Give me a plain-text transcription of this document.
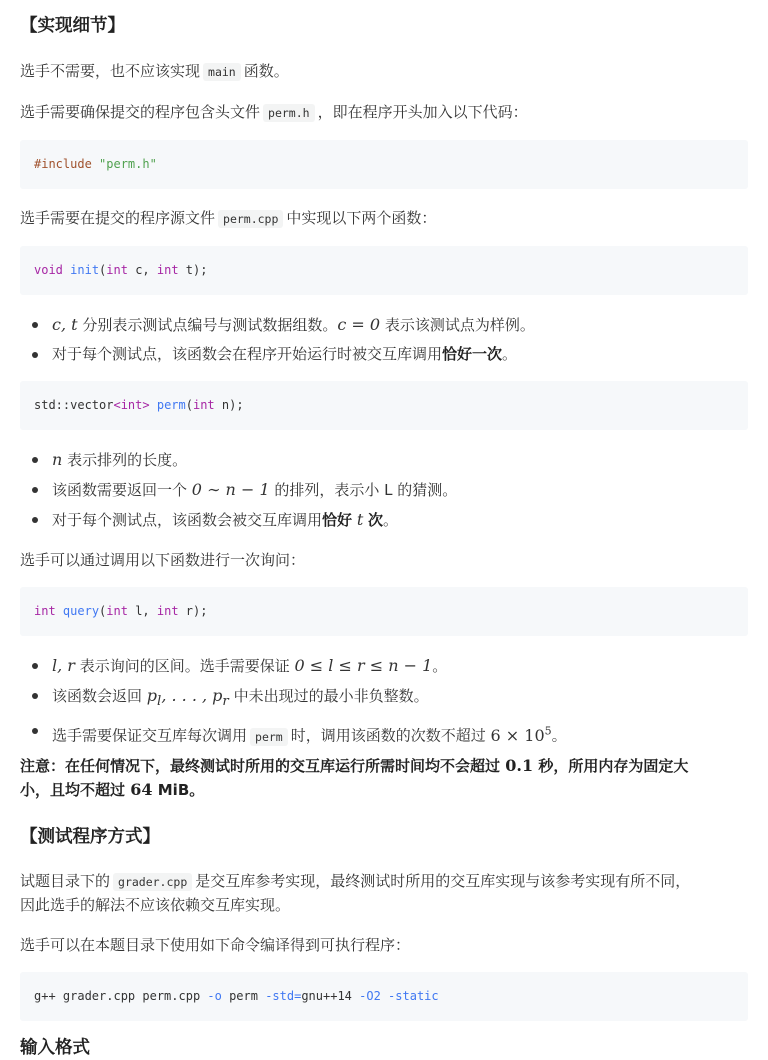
【实现细节】

选手不需要，也不应该实现 main 函数。

选手需要确保提交的程序包含头文件 perm.h ，即在程序开头加入以下代码：

#include "perm.h"

选手需要在提交的程序源文件 perm.cpp 中实现以下两个函数：

void init(int c, int t);
c, t 分别表示测试点编号与测试数据组数。c = 0 表示该测试点为样例。
对于每个测试点，该函数会在程序开始运行时被交互库调用恰好一次。
std::vector<int> perm(int n);
n 表示排列的长度。
该函数需要返回一个 0 ∼ n − 1 的排列，表示小 L 的猜测。
对于每个测试点，该函数会被交互库调用恰好 t 次。

选手可以通过调用以下函数进行一次询问：

int query(int l, int r);
l, r 表示询问的区间。选手需要保证 0 ≤ l ≤ r ≤ n − 1。
该函数会返回 $p_l$, . . . , $p_r$ 中未出现过的最小非负整数。
选手需要保证交互库每次调用 perm 时，调用该函数的次数不超过 $6 \times 10^5$。

注意：在任何情况下，最终测试时所用的交互库运行所需时间均不会超过 0.1 秒，所用内存为固定大

小，且均不超过 64 MiB。

【测试程序方式】

试题目录下的 grader.cpp 是交互库参考实现，最终测试时所用的交互库实现与该参考实现有所不同，

因此选手的解法不应该依赖交互库实现。

选手可以在本题目录下使用如下命令编译得到可执行程序：

g++ grader.cpp perm.cpp -o perm -std=gnu++14 -O2 -static
输入格式
